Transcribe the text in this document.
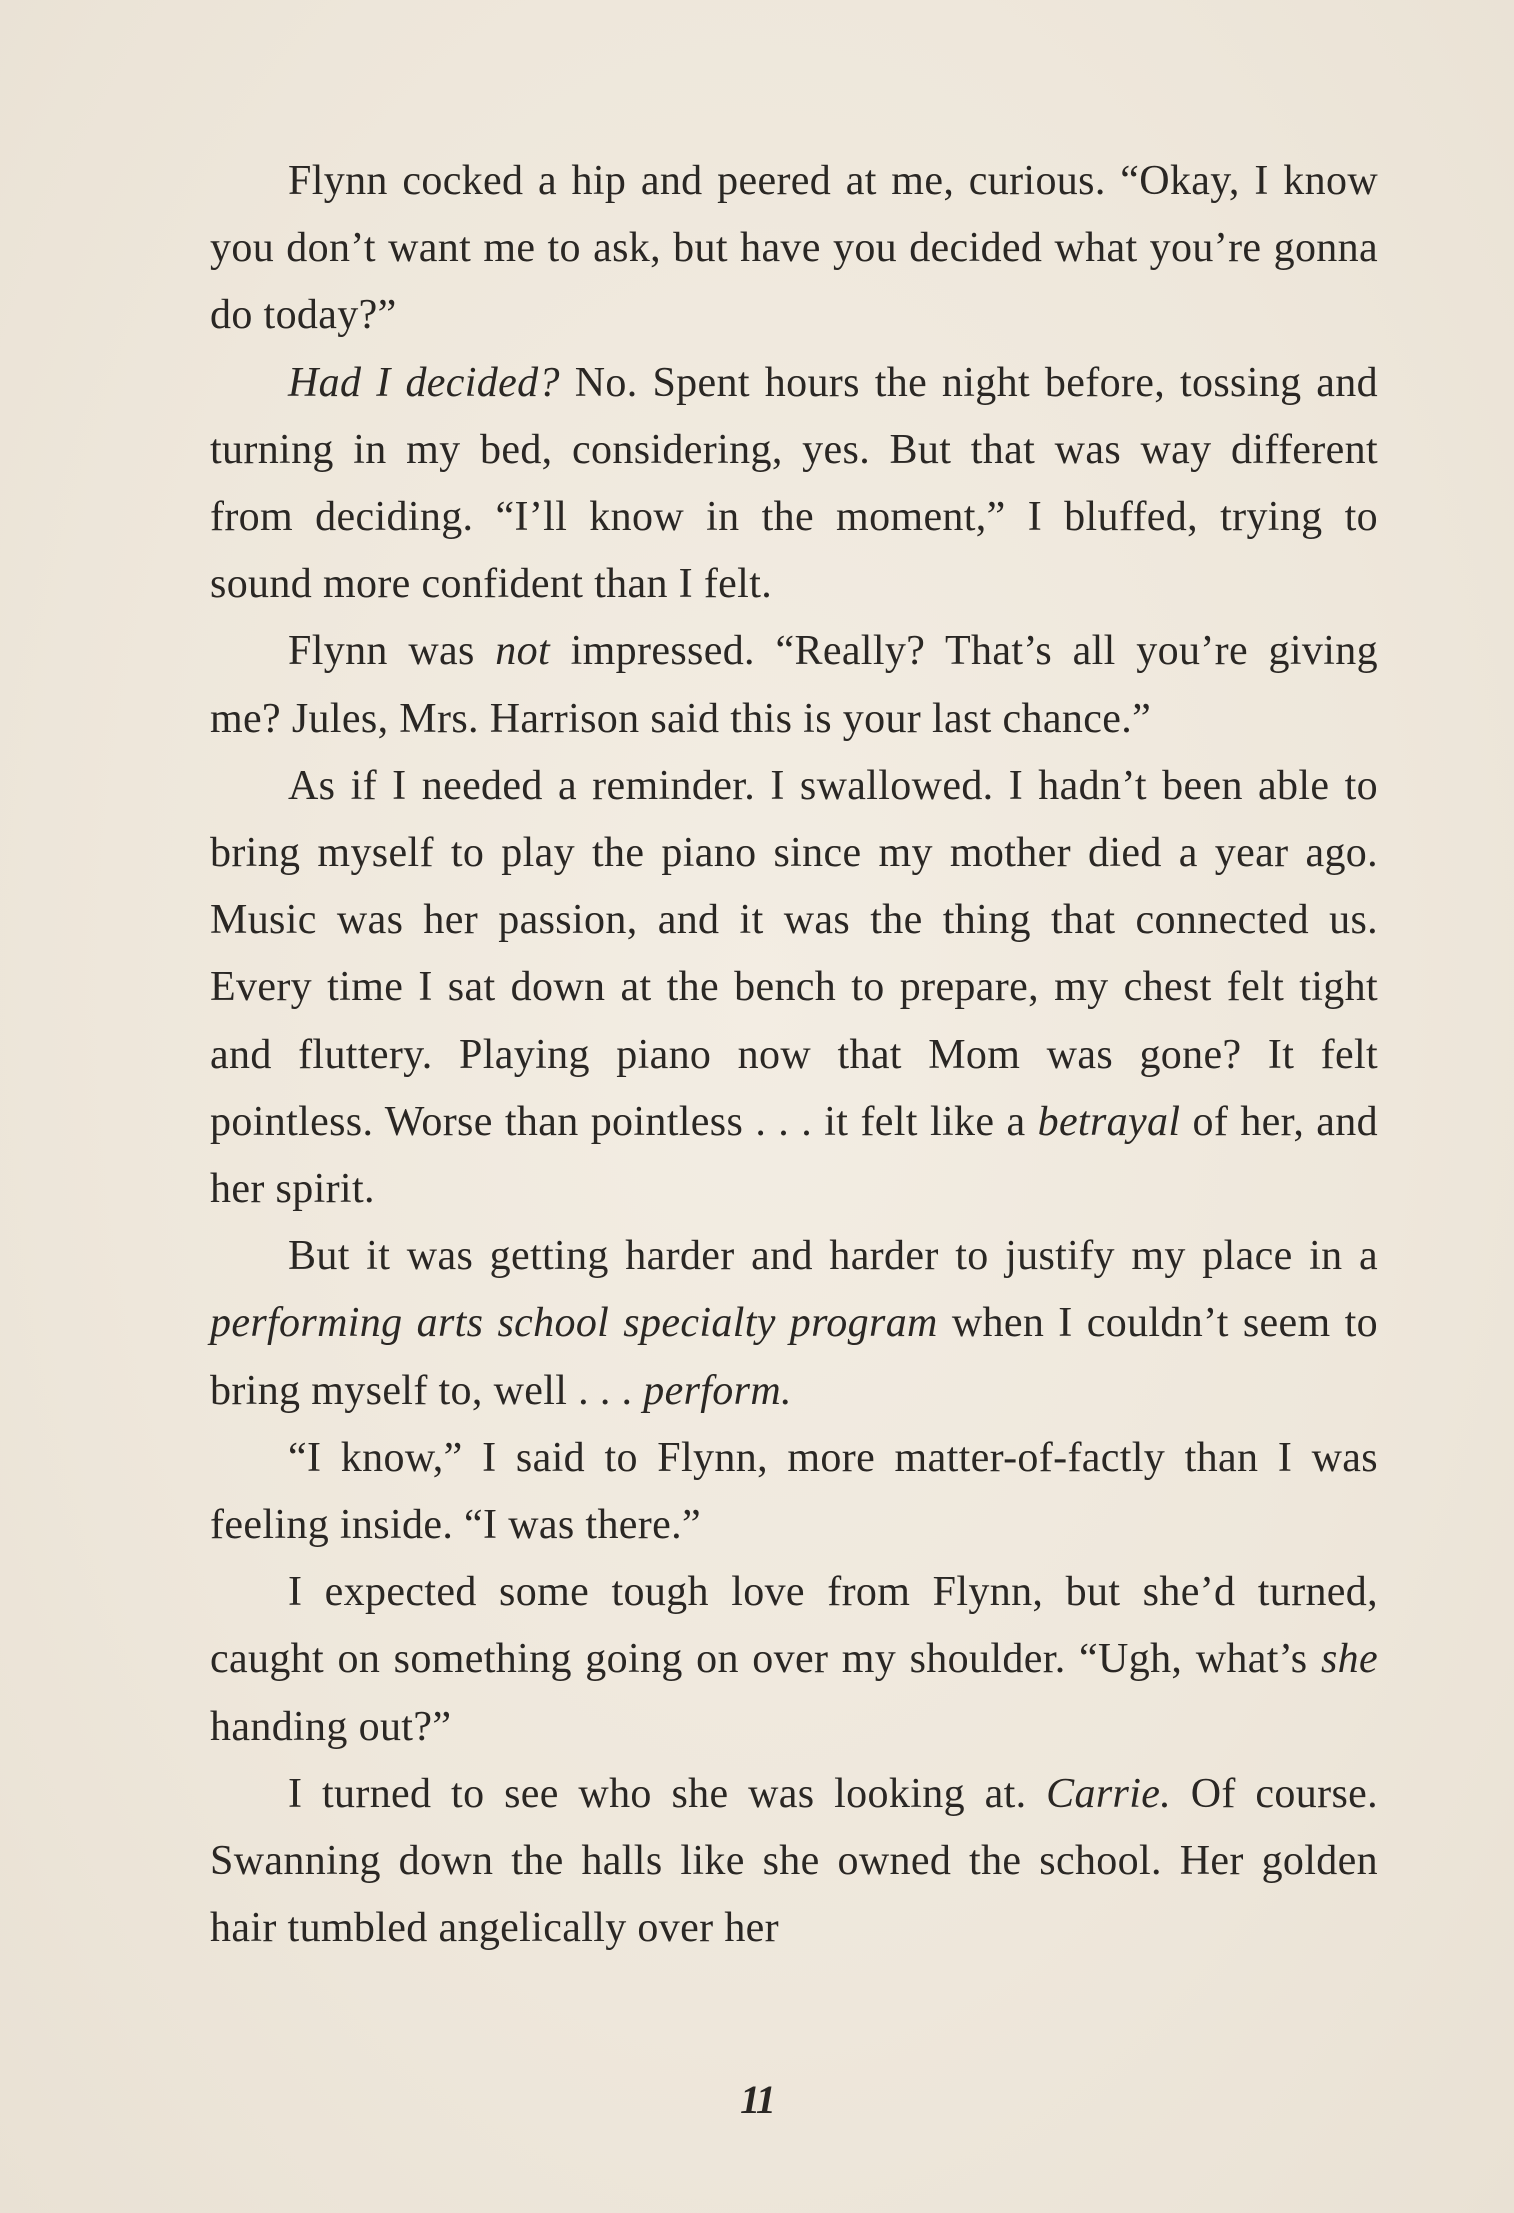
Flynn cocked a hip and peered at me, curious. “Okay, I know you don’t want me to ask, but have you decided what you’re gonna do today?”

Had I decided? No. Spent hours the night before, tossing and turning in my bed, considering, yes. But that was way different from deciding. “I’ll know in the moment,” I bluffed, trying to sound more confident than I felt.

Flynn was not impressed. “Really? That’s all you’re giving me? Jules, Mrs. Harrison said this is your last chance.”

As if I needed a reminder. I swallowed. I hadn’t been able to bring myself to play the piano since my mother died a year ago. Music was her passion, and it was the thing that connected us. Every time I sat down at the bench to prepare, my chest felt tight and fluttery. Playing piano now that Mom was gone? It felt pointless. Worse than pointless . . . it felt like a betrayal of her, and her spirit.

But it was getting harder and harder to justify my place in a performing arts school specialty program when I couldn’t seem to bring myself to, well . . . perform.

“I know,” I said to Flynn, more matter-of-factly than I was feeling inside. “I was there.”

I expected some tough love from Flynn, but she’d turned, caught on something going on over my shoulder. “Ugh, what’s she handing out?”

I turned to see who she was looking at. Carrie. Of course. Swanning down the halls like she owned the school. Her golden hair tumbled angelically over her

11
